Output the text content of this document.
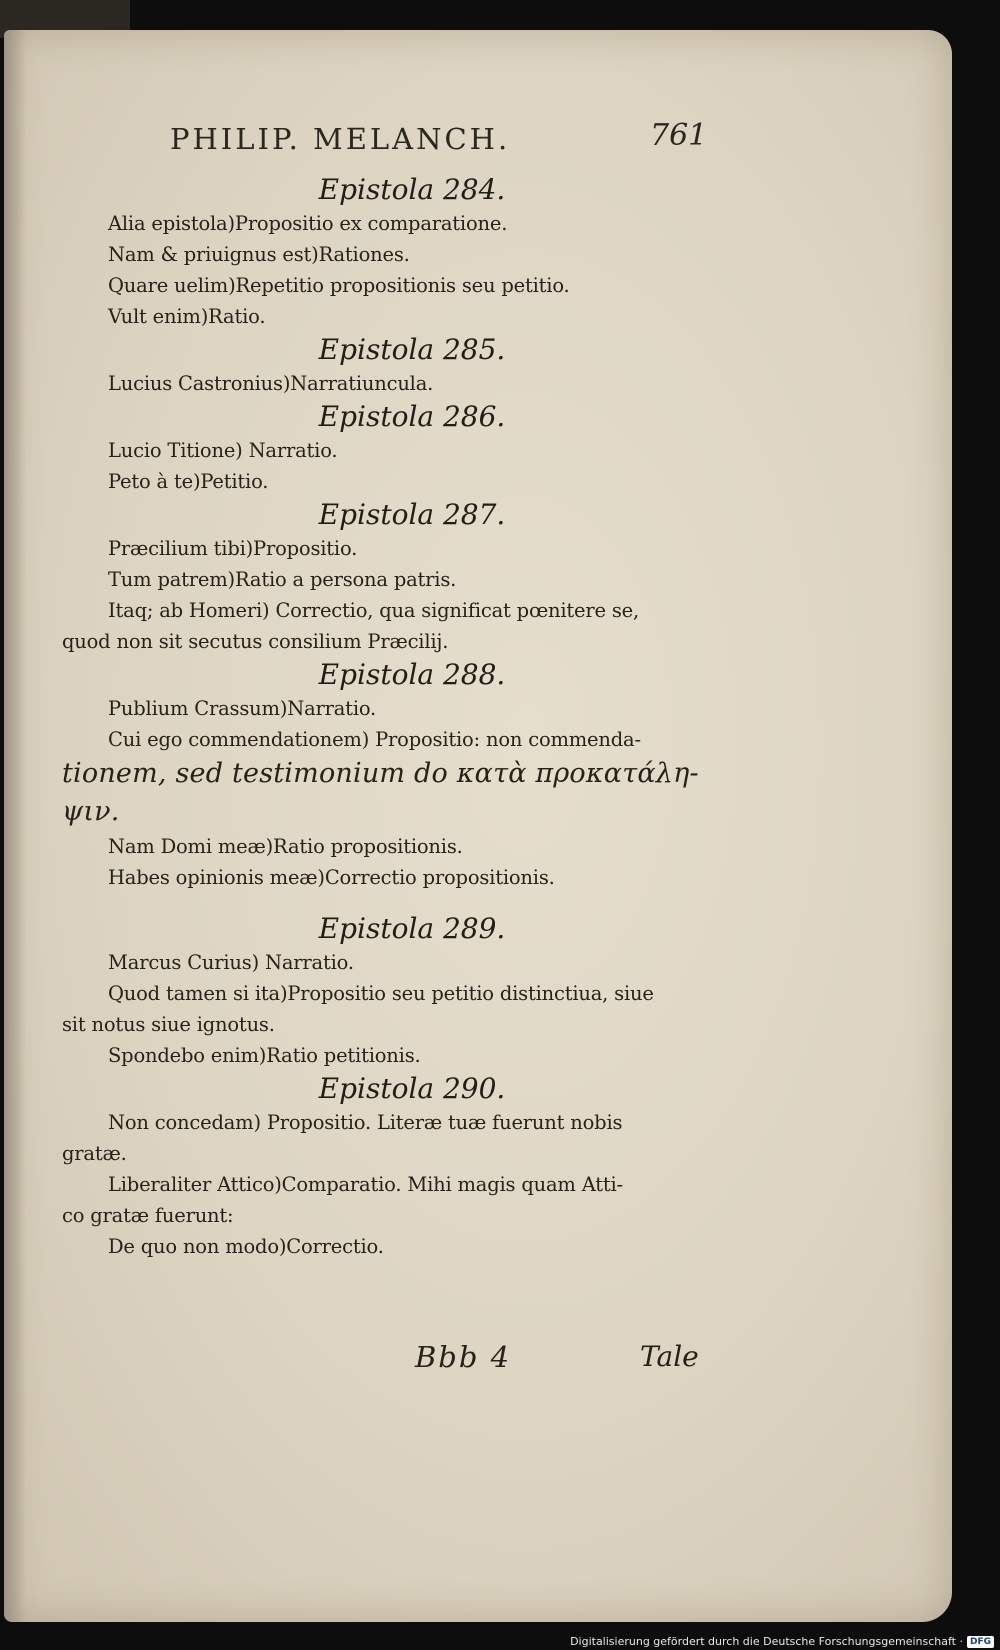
PHILIP. MELANCH.	761

Epistola 284.

Alia epistola)Propositio ex comparatione.

Nam & priuignus est)Rationes.

Quare uelim)Repetitio propositionis seu petitio.

Vult enim)Ratio.

Epistola 285.

Lucius Castronius)Narratiuncula.

Epistola 286.

Lucio Titione) Narratio.

Peto à te)Petitio.

Epistola 287.

Præcilium tibi)Propositio.

Tum patrem)Ratio a persona patris.

Itaq; ab Homeri) Correctio, qua significat pœnitere se,

quod non sit secutus consilium Præcilij.

Epistola 288.

Publium Crassum)Narratio.

Cui ego commendationem) Propositio: non commenda-

tionem, sed testimonium do κατὰ προκατάλη-

ψιν.

Nam Domi meæ)Ratio propositionis.

Habes opinionis meæ)Correctio propositionis.

Epistola 289.

Marcus Curius) Narratio.

Quod tamen si ita)Propositio seu petitio distinctiua, siue

sit notus siue ignotus.

Spondebo enim)Ratio petitionis.

Epistola 290.

Non concedam) Propositio. Literæ tuæ fuerunt nobis

gratæ.

Liberaliter Attico)Comparatio. Mihi magis quam Atti-

co gratæ fuerunt:

De quo non modo)Correctio.

Bbb 4	Tale
Digitalisierung gefördert durch die Deutsche Forschungsgemeinschaft · DFG
